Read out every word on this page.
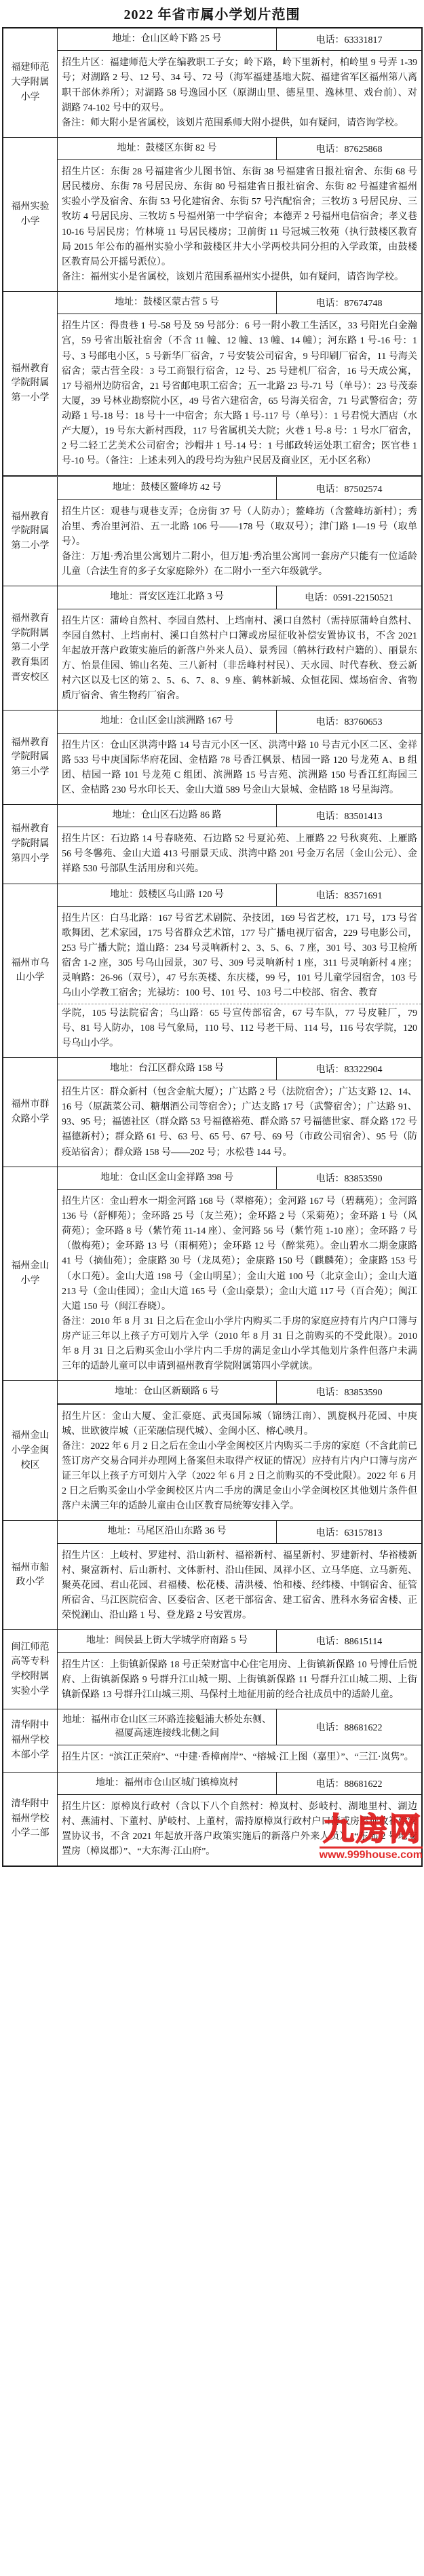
2022 年省市属小学划片范围
福建师范大学附属小学
地址：仓山区岭下路 25 号	电话：63331817

招生片区：福建师范大学在编教职工子女；岭下路，岭下里新村，柏岭里 9 号弄 1-39 号；对湖路 2 号、12 号、34 号、72 号（海军福建基地大院、福建省军区福州第八离职干部休养所）；对湖路 58 号逸园小区（原湖山里、德星里、逸林里、戏台前）、对湖路 74-102 号中的双号。

备注：师大附小是省属校，该划片范围系师大附小提供，如有疑问，请咨询学校。

福州实验小学
地址：鼓楼区东街 82 号	电话：87625868

招生片区：东街 28 号福建省少儿图书馆、东街 38 号福建省日报社宿舍、东街 68 号居民楼房、东街 78 号居民房、东街 80 号福建省日报社宿舍、东街 82 号福建省福州实验小学及宿舍、东街 53 号化建宿舍、东街 57 号汽配宿舍；三牧坊 3 号居民房、三牧坊 4 号居民房、三牧坊 5 号福州第一中学宿舍；本德弄 2 号福州电信宿舍；孝义巷 10-16 号居民房；竹林境 11 号居民楼房；卫前街 11 号冠城三牧苑（执行鼓楼区教育局 2015 年公布的福州实验小学和鼓楼区井大小学两校共同分担的入学政策，由鼓楼区教育局公开摇号派位）。

备注：福州实小是省属校，该划片范围系福州实小提供，如有疑问，请咨询学校。

福州教育学院附属第一小学
地址：鼓楼区蒙古营 5 号	电话：87674748

招生片区：得贵巷 1 号-58 号及 59 号部分：6 号一附小教工生活区，33 号阳光白金瀚宫，59 号省出版社宿舍（不含 11 幢、12 幢、13 幢、14 幢）；河东路 1 号-16 号：1 号、3 号邮电小区，5 号新华厂宿舍，7 号安装公司宿舍，9 号印刷厂宿舍，11 号海关宿舍；蒙古营全段：3 号工商银行宿舍，12 号、25 号建机厂宿舍，16 号天成公寓，17 号福州边防宿舍，21 号省邮电职工宿舍；五一北路 23 号-71 号（单号）：23 号茂泰大厦，39 号林业勘察院小区，49 号省六建宿舍，65 号海关宿舍，71 号武警宿舍；劳动路 1 号-18 号：18 号十一中宿舍；东大路 1 号-117 号（单号）：1 号君悦大酒店（水产大厦），19 号东大新村西段，117 号省属机关大院；火巷 1 号-8 号：1 号水厂宿舍，2 号二轻工艺美术公司宿舍；沙帽井 1 号-14 号：1 号邮政转运处职工宿舍；医官巷 1 号-10 号。（备注：上述未列入的段号均为独户民居及商业区，无小区名称）

福州教育学院附属第二小学
地址：鼓楼区鳌峰坊 42 号	电话：87502574

招生片区：观巷与观巷支弄；仓房街 37 号（人防办）；鳌峰坊（含鳌峰坊新村）；秀冶里、秀冶里河沿、五一北路 106 号——178 号（取双号）；津门路 1—19 号（取单号）。

备注：万旭·秀冶里公寓划片二附小，但万旭·秀冶里公寓同一套房产只能有一位适龄儿童（合法生育的多子女家庭除外）在二附小一至六年级就学。

福州教育学院附属第二小学教育集团晋安校区
地址：晋安区连江北路 3 号	电话：0591-22150521

招生片区：蒲岭自然村、李园自然村、上垱南村、溪口自然村（需持原蒲岭自然村、李园自然村、上垱南村、溪口自然村户口簿或房屋征收补偿安置协议书，不含 2021 年起放开落户政策实施后的新落户外来人员）、景秀园（鹤林行政村户籍的）、丽景东方、怡景佳园、锦山名苑、三八新村（非岳峰村村民）、天水园、时代春秋、登云新村六区以及七区的第 2、5、6、7、8、9 座、鹤林新城、众恒花园、煤场宿舍、省物质厅宿舍、省生物药厂宿舍。

福州教育学院附属第三小学
地址：仓山区金山滨洲路 167 号	电话：83760653

招生片区：仓山区洪湾中路 14 号吉元小区一区、洪湾中路 10 号吉元小区二区、金祥路 533 号中庚国际华府花园、金桔路 78 号香江枫景、桔园一路 120 号龙苑 A、B 组团、桔园一路 101 号龙苑 C 组团、滨洲路 15 号吉苑、滨洲路 150 号香江红海园三区、金桔路 230 号水印长天、金山大道 589 号金山大景城、金桔路 18 号星海湾。

福州教育学院附属第四小学
地址：仓山区石边路 86 路	电话：83501413

招生片区：石边路 14 号春晓苑、石边路 52 号夏沁苑、上雁路 22 号秋爽苑、上雁路 56 号冬馨苑、金山大道 413 号丽景天成、洪湾中路 201 号金万名居（金山公元）、金祥路 530 号部队生活用房和兴苑。

福州市乌山小学
地址：鼓楼区乌山路 120 号	电话：83571691

招生片区：白马北路：167 号省艺术剧院、杂技团，169 号省艺校，171 号，173 号省歌舞团、艺术家园，175 号省群众艺术馆，177 号广播电视厅宿舍，229 号电影公司，253 号广播大院；道山路：234 号灵响新村 2、3、5、6、7 座，301 号、303 号卫检所宿舍 1-2 座，305 号乌山园景，307 号、309 号灵响新村 1 座，311 号灵响新村 4 座；灵响路：26-96（双号），47 号东英楼、东庆楼，99 号，101 号儿童学园宿舍，103 号乌山小学教工宿舍；光禄坊：100 号、101 号、103 号二中校部、宿舍、教育

学院，105 号法院宿舍；乌山路：65 号宣传部宿舍，67 号车队，77 号皮鞋厂，79 号、81 号人防办，108 号气象局，110 号、112 号老干局、114 号，116 号农学院，120 号乌山小学。

福州市群众路小学
地址：台江区群众路 158 号	电话：83322904

招生片区：群众新村（包含金航大厦）；广达路 2 号（法院宿舍）；广达支路 12、14、16 号（原蔬菜公司、糖烟酒公司等宿舍）；广达支路 17 号（武警宿舍）；广达路 91、93、95 号；福德社区（群众路 53 号福德裕苑、群众路 57 号福德世家、群众路 172 号福德新村）；群众路 61 号、63 号、65 号、67 号、69 号（市政公司宿舍）、95 号（防疫站宿舍）；群众路 158 号——202 号；水松巷 144 号。

福州金山小学
地址：仓山区金山金祥路 398 号	电话：83853590

招生片区：金山碧水一期金河路 168 号（翠榕苑）；金河路 167 号（碧藕苑）；金河路 136 号（舒柳苑）；金环路 25 号（友兰苑）；金环路 2 号（采菊苑）；金环路 1 号（风荷苑）；金环路 8 号（紫竹苑 11-14 座）、金河路 56 号（紫竹苑 1-10 座）；金环路 7 号（傲梅苑）；金环路 13 号（雨桐苑）；金环路 12 号（醉棠苑）。金山碧水二期金康路 41 号（摘仙苑）；金康路 30 号（龙凤苑）；金康路 150 号（麒麟苑）；金康路 153 号（水口苑）。金山大道 198 号（金山明星）；金山大道 100 号（北京金山）；金山大道 213 号（金山佳园）；金山大道 165 号（金山豪景）；金山大道 117 号（百合苑）；闽江大道 150 号（闽江春晓）。

备注：2010 年 8 月 31 日之后在金山小学片内购买二手房的家庭应持有片内户口簿与房产证三年以上孩子方可划片入学（2010 年 8 月 31 日之前购买的不受此限）。2010 年 8 月 31 日之后购买金山小学片内二手房的满足金山小学其他划片条件但落户未满三年的适龄儿童可以申请到福州教育学院附属第四小学就读。

福州金山小学金闽校区
地址：仓山区新颐路 6 号	电话：83853590

招生片区：金山大厦、金汇豪庭、武夷国际城（锦绣江南）、凯旋枫丹花园、中庚城、世欧彼岸城（正荣融信现代城）、金闽小区、榕心映月。

备注：2022 年 6 月 2 日之后在金山小学金闽校区片内购买二手房的家庭（不含此前已签订房产交易合同并办理网上备案但未取得产权证的情况）应持有片内户口簿与房产证三年以上孩子方可划片入学（2022 年 6 月 2 日之前购买的不受此限）。2022 年 6 月 2 日之后购买金山小学金闽校区片内二手房的满足金山小学金闽校区其他划片条件但落户未满三年的适龄儿童由仓山区教育局统筹安排入学。

福州市船政小学
地址：马尾区沿山东路 36 号	电话：63157813

招生片区：上岐村、罗建村、沿山新村、福裕新村、福星新村、罗建新村、华裕楼新村、聚富新村、后山新村、文体新村、沿山佳园、凤祥小区、立马华庭、立马新苑、聚英花园、君山花园、君福楼、松花楼、清洪楼、怡和楼、经纬楼、中钢宿舍、征管所宿舍、马江医院宿舍、区委宿舍、区老干部宿舍、建工宿舍、胜科水务宿舍楼、正荣悦澜山、沿山路 1 号、登龙路 2 号安置房。

闽江师范高等专科学校附属实验小学
地址：闽侯县上街大学城学府南路 5 号	电话：88615114

招生片区：上街镇新保路 18 号正荣财富中心住宅用房、上街镇新保路 10 号博仕后悦府、上街镇新保路 9 号群升江山城一期、上街镇新保路 11 号群升江山城二期、上街镇新保路 13 号群升江山城三期、马保村土地征用前的经合社成员中的适龄儿童。

清华附中福州学校本部小学
地址：福州市仓山区三环路连接魁浦大桥处东侧、福厦高速连接线北侧之间
电话：88681622

招生片区：“滨江正荣府”、“中建·香樟南岸”、“榕城·江上图（嘉里）”、“三江·岚隽”。

清华附中福州学校小学二部
地址：福州市仓山区城门镇樟岚村	电话：88681622

招生片区：原樟岚行政村（含以下八个自然村：樟岚村、彭岐村、湖地里村、湖边村、燕浦村、下董村、胪岐村、上董村，需持原樟岚行政村户口簿或房屋征收补偿安置协议书，不含 2021 年起放开落户政策实施后的新落户外来人员）、“东部 2 号地安置房（樟岚郡）”、“大东海·江山府”。

九房网
www.999house.com
